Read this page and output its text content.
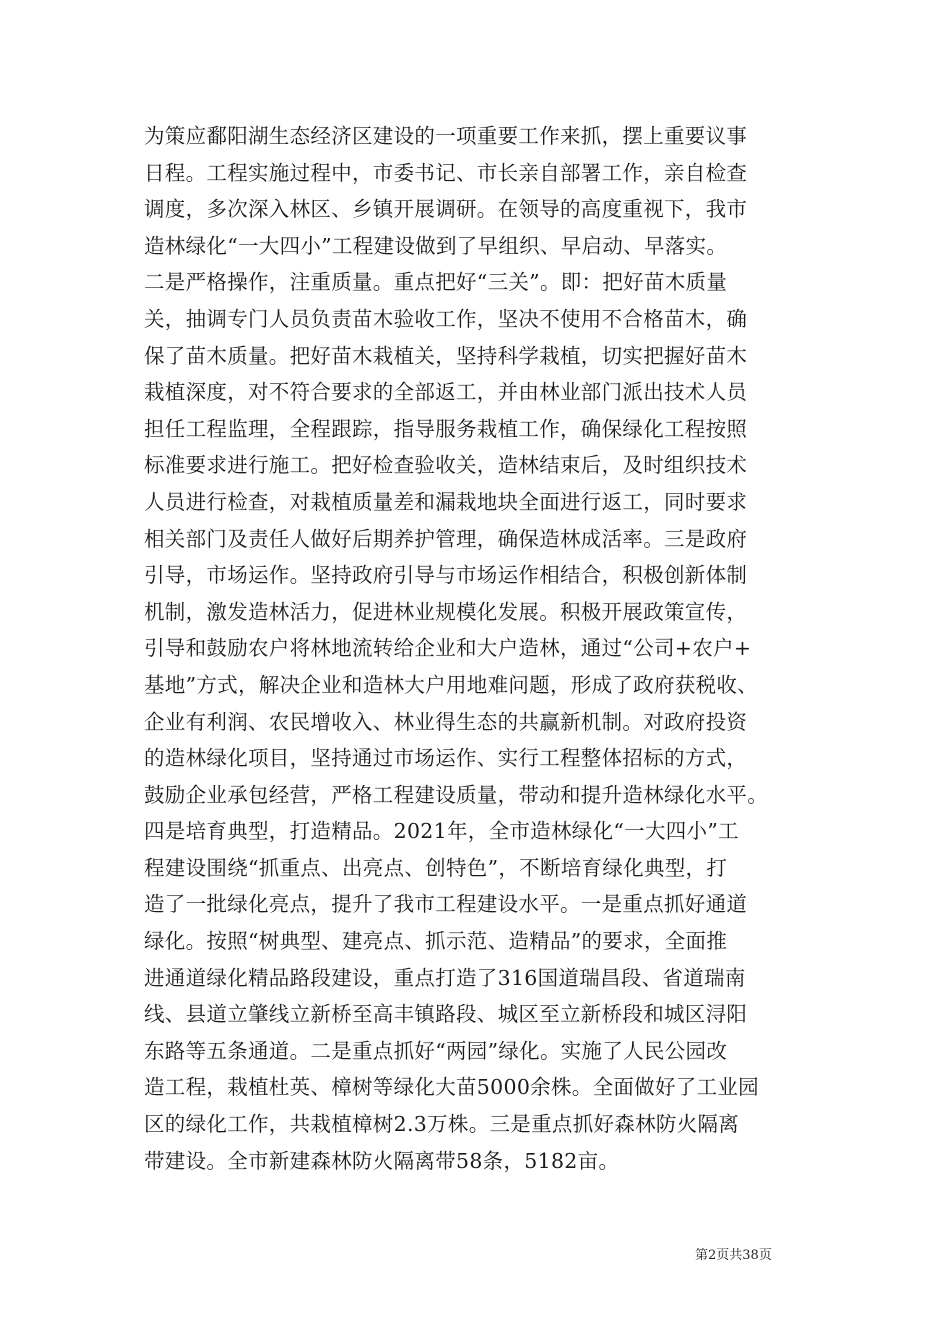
为策应鄱阳湖生态经济区建设的一项重要工作来抓，摆上重要议事
日程。工程实施过程中，市委书记、市长亲自部署工作，亲自检查
调度，多次深入林区、乡镇开展调研。在领导的高度重视下，我市
造林绿化“一大四小”工程建设做到了早组织、早启动、早落实。
二是严格操作，注重质量。重点把好“三关”。即：把好苗木质量
关，抽调专门人员负责苗木验收工作，坚决不使用不合格苗木，确
保了苗木质量。把好苗木栽植关，坚持科学栽植，切实把握好苗木
栽植深度，对不符合要求的全部返工，并由林业部门派出技术人员
担任工程监理，全程跟踪，指导服务栽植工作，确保绿化工程按照
标准要求进行施工。把好检查验收关，造林结束后，及时组织技术
人员进行检查，对栽植质量差和漏栽地块全面进行返工，同时要求
相关部门及责任人做好后期养护管理，确保造林成活率。三是政府
引导，市场运作。坚持政府引导与市场运作相结合，积极创新体制
机制，激发造林活力，促进林业规模化发展。积极开展政策宣传，
引导和鼓励农户将林地流转给企业和大户造林，通过“公司+农户+
基地”方式，解决企业和造林大户用地难问题，形成了政府获税收、
企业有利润、农民增收入、林业得生态的共赢新机制。对政府投资
的造林绿化项目，坚持通过市场运作、实行工程整体招标的方式，
鼓励企业承包经营，严格工程建设质量，带动和提升造林绿化水平。
四是培育典型，打造精品。2021年，全市造林绿化“一大四小”工
程建设围绕“抓重点、出亮点、创特色”，不断培育绿化典型，打
造了一批绿化亮点，提升了我市工程建设水平。一是重点抓好通道
绿化。按照“树典型、建亮点、抓示范、造精品”的要求，全面推
进通道绿化精品路段建设，重点打造了316国道瑞昌段、省道瑞南
线、县道立肇线立新桥至高丰镇路段、城区至立新桥段和城区浔阳
东路等五条通道。二是重点抓好“两园”绿化。实施了人民公园改
造工程，栽植杜英、樟树等绿化大苗5000余株。全面做好了工业园
区的绿化工作，共栽植樟树2.3万株。三是重点抓好森林防火隔离
带建设。全市新建森林防火隔离带58条，5182亩。
第2页共38页
